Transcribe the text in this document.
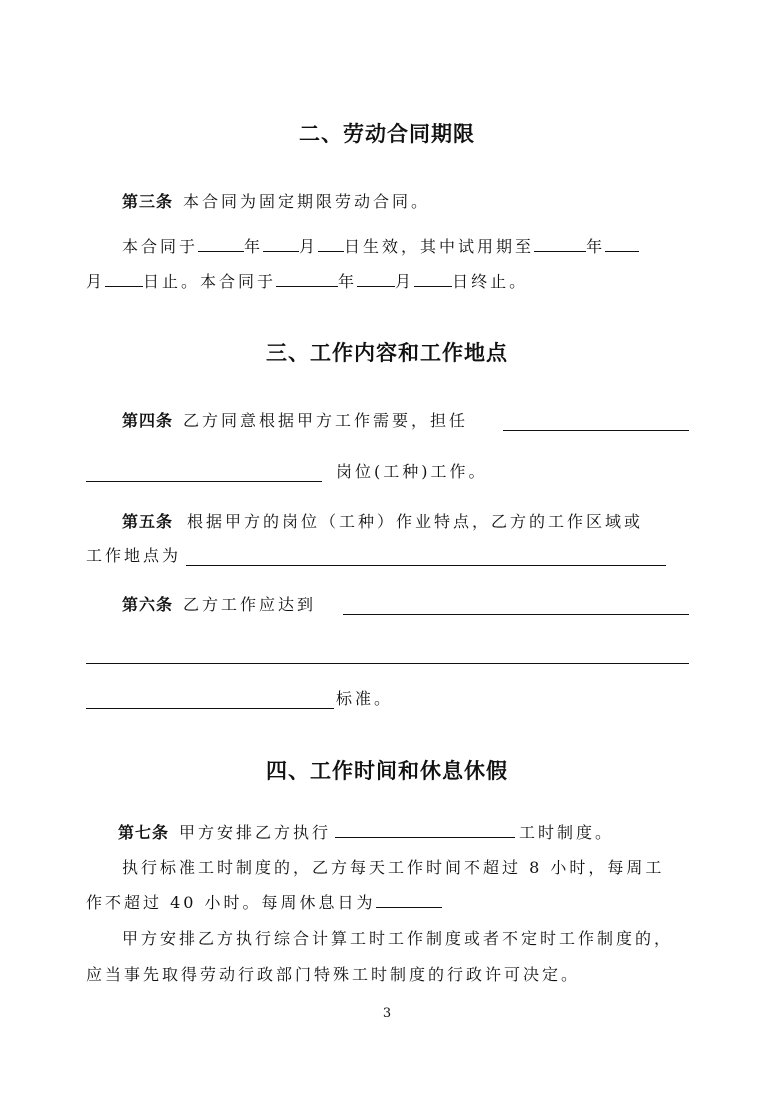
二、劳动合同期限
第三条 本合同为固定期限劳动合同。
本合同于	年 月 日生效，其中试用期至	年
月 日止。本合同于	年 月 日终止。
三、工作内容和工作地点
第四条 乙方同意根据甲方工作需要，担任
岗位(工种)工作。
第五条 根据甲方的岗位（工种）作业特点，乙方的工作区域或
工作地点为
第六条 乙方工作应达到
标准。
四、工作时间和休息休假
第七条 甲方安排乙方执行	工时制度。
执行标准工时制度的，乙方每天工作时间不超过 8 小时，每周工
作不超过 40 小时。每周休息日为
甲方安排乙方执行综合计算工时工作制度或者不定时工作制度的，
应当事先取得劳动行政部门特殊工时制度的行政许可决定。
3
